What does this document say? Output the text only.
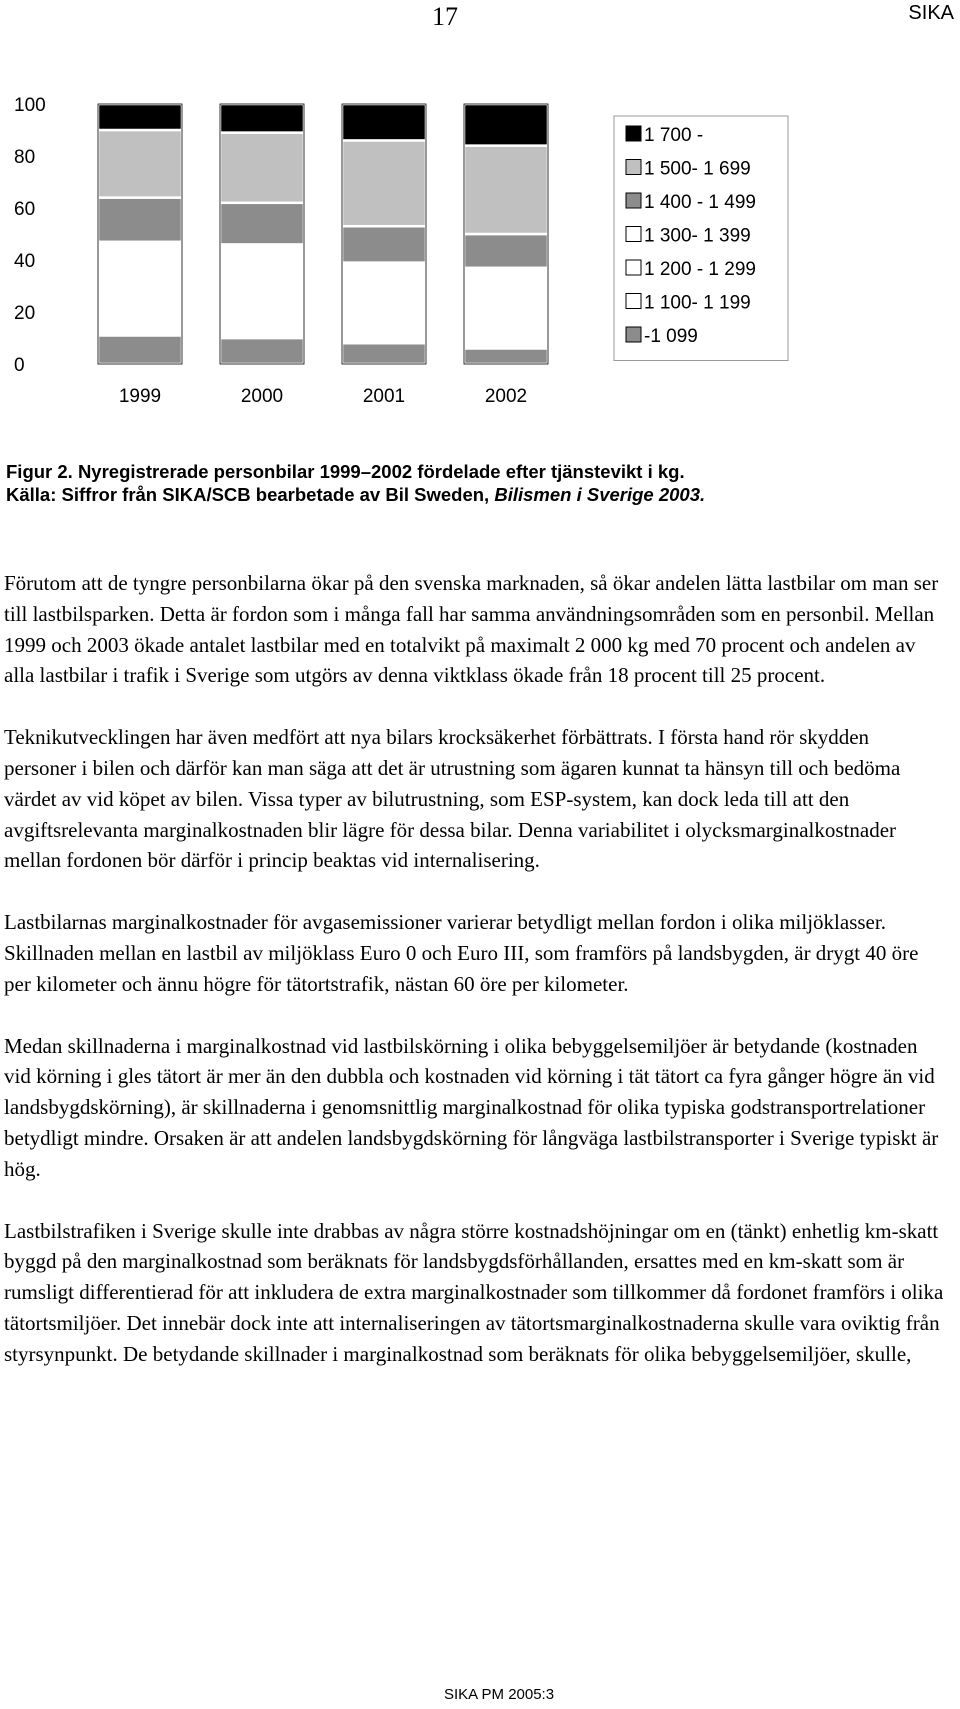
17	SIKA
0
20
40
60
80
100
1999	2000	2001	2002
1 700 -
1 500- 1 699
1 400 - 1 499
1 300- 1 399
1 200 - 1 299
1 100- 1 199
-1 099
Figur 2. Nyregistrerade personbilar 1999–2002 fördelade efter tjänstevikt i kg.
Källa: Siffror från SIKA/SCB bearbetade av Bil Sweden, Bilismen i Sverige 2003.

Förutom att de tyngre personbilarna ökar på den svenska marknaden, så ökar andelen lätta lastbilar om man ser till lastbilsparken. Detta är fordon som i många fall har samma användningsområden som en personbil. Mellan 1999 och 2003 ökade antalet lastbilar med en totalvikt på maximalt 2 000 kg med 70 procent och andelen av alla lastbilar i trafik i Sverige som utgörs av denna viktklass ökade från 18 procent till 25 procent.

Teknikutvecklingen har även medfört att nya bilars krocksäkerhet förbättrats. I första hand rör skydden personer i bilen och därför kan man säga att det är utrustning som ägaren kunnat ta hänsyn till och bedöma värdet av vid köpet av bilen. Vissa typer av bilutrustning, som ESP-system, kan dock leda till att den avgiftsrelevanta marginalkostnaden blir lägre för dessa bilar. Denna variabilitet i olycksmarginalkostnader mellan fordonen bör därför i princip beaktas vid internalisering.

Lastbilarnas marginalkostnader för avgasemissioner varierar betydligt mellan fordon i olika miljöklasser. Skillnaden mellan en lastbil av miljöklass Euro 0 och Euro III, som framförs på landsbygden, är drygt 40 öre per kilometer och ännu högre för tätortstrafik, nästan 60 öre per kilometer.

Medan skillnaderna i marginalkostnad vid lastbilskörning i olika bebyggelsemiljöer är betydande (kostnaden vid körning i gles tätort är mer än den dubbla och kostnaden vid körning i tät tätort ca fyra gånger högre än vid landsbygdskörning), är skillnaderna i genomsnittlig marginalkostnad för olika typiska godstransportrelationer betydligt mindre. Orsaken är att andelen landsbygdskörning för långväga lastbilstransporter i Sverige typiskt är hög.

Lastbilstrafiken i Sverige skulle inte drabbas av några större kostnadshöjningar om en (tänkt) enhetlig km-skatt byggd på den marginalkostnad som beräknats för landsbygdsförhållanden, ersattes med en km-skatt som är rumsligt differentierad för att inkludera de extra marginalkostnader som tillkommer då fordonet framförs i olika tätortsmiljöer. Det innebär dock inte att internaliseringen av tätortsmarginalkostnaderna skulle vara oviktig från styrsynpunkt. De betydande skillnader i marginalkostnad som beräknats för olika bebyggelsemiljöer, skulle,

SIKA PM 2005:3
